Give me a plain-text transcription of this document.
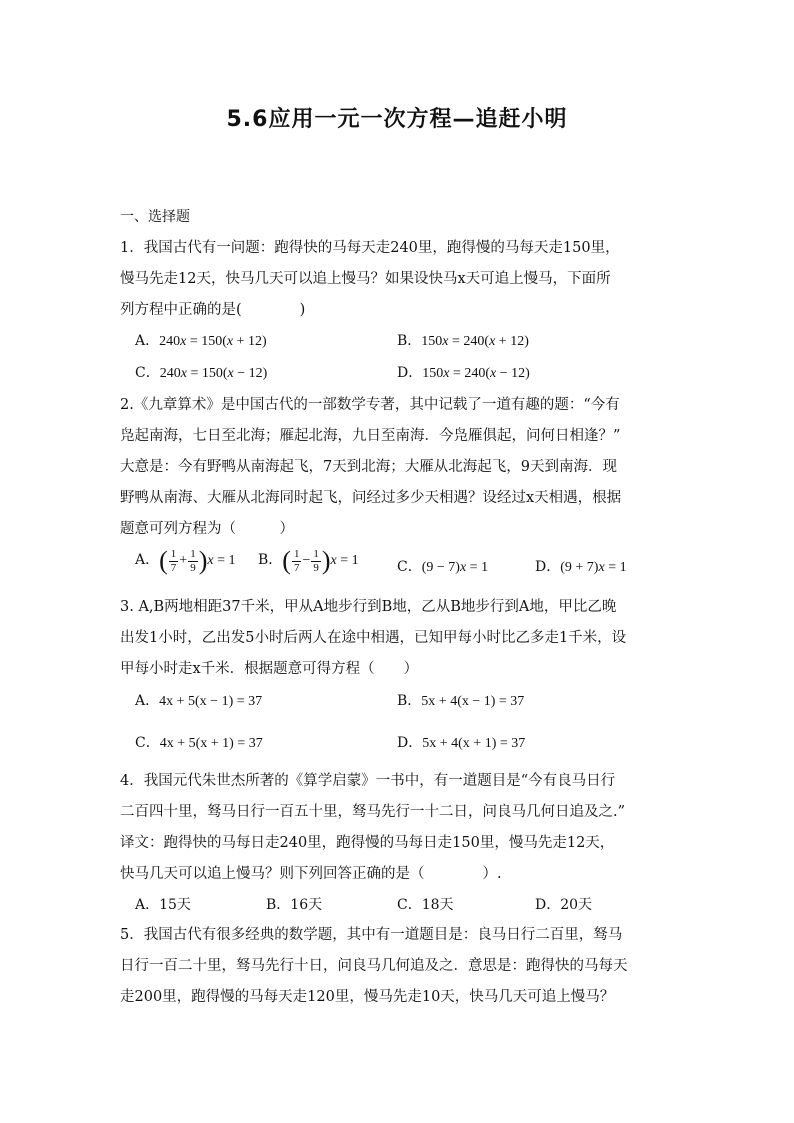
5.6应用一元一次方程—追赶小明
一、选择题
1．我国古代有一问题：跑得快的马每天走240里，跑得慢的马每天走150里，
慢马先走12天，快马几天可以追上慢马？如果设快马x天可追上慢马，下面所
列方程中正确的是(　　　　)
A．240x = 150(x + 12)	B．150x = 240(x + 12)
C．240x = 150(x − 12)	D．150x = 240(x − 12)
2.《九章算术》是中国古代的一部数学专著，其中记载了一道有趣的题：“今有
凫起南海，七日至北海；雁起北海，九日至南海．今凫雁俱起，问何日相逢？”
大意是：今有野鸭从南海起飞，7天到北海；大雁从北海起飞，9天到南海．现
野鸭从南海、大雁从北海同时起飞，问经过多少天相遇？设经过x天相遇，根据
题意可列方程为（　　　）
A．( $\frac{1}{7} + \frac{1}{9} )x = 1$ B．( $\frac{1}{7} - \frac{1}{9} )x = 1$	C．(9 − 7)x = 1	D．(9 + 7)x = 1
3. A,B两地相距37千米，甲从A地步行到B地，乙从B地步行到A地，甲比乙晚
出发1小时，乙出发5小时后两人在途中相遇，已知甲每小时比乙多走1千米，设
甲每小时走x千米．根据题意可得方程（　　）
A．4x + 5(x − 1) = 37	B．5x + 4(x − 1) = 37
C．4x + 5(x + 1) = 37	D．5x + 4(x + 1) = 37
4．我国元代朱世杰所著的《算学启蒙》一书中，有一道题目是“今有良马日行
二百四十里，驽马日行一百五十里，驽马先行一十二日，问良马几何日追及之.”
译文：跑得快的马每日走240里，跑得慢的马每日走150里，慢马先走12天，
快马几天可以追上慢马？则下列回答正确的是（　　　　）.
A．15天	B．16天	C．18天	D．20天
5．我国古代有很多经典的数学题，其中有一道题目是：良马日行二百里，驽马
日行一百二十里，驽马先行十日，问良马几何追及之．意思是：跑得快的马每天
走200里，跑得慢的马每天走120里，慢马先走10天，快马几天可追上慢马？
